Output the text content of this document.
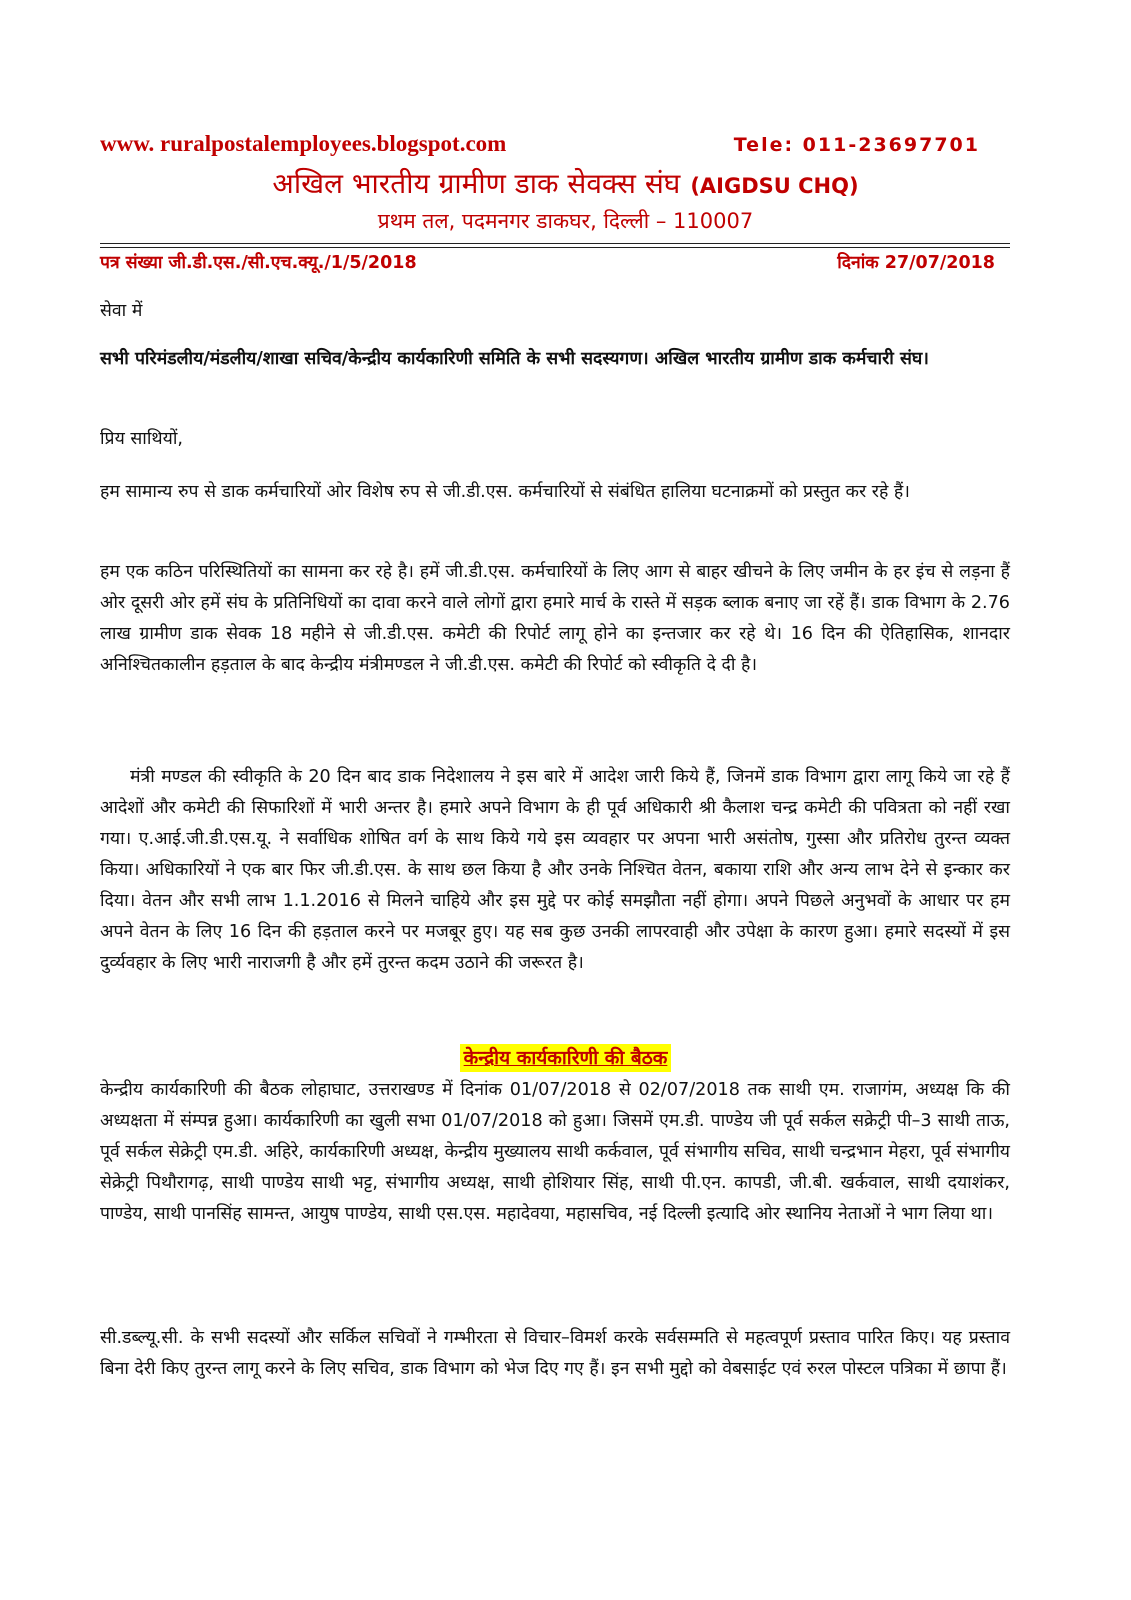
www. ruralpostalemployees.blogspot.com	Tele: 011-23697701
अखिल भारतीय ग्रामीण डाक सेवक्स संघ (AIGDSU CHQ)
प्रथम तल, पदमनगर डाकघर, दिल्ली – 110007
पत्र संख्या जी.डी.एस./सी.एच.क्यू./1/5/2018	दिनांक 27/07/2018
सेवा में
सभी परिमंडलीय/मंडलीय/शाखा सचिव/केन्द्रीय कार्यकारिणी समिति के सभी सदस्यगण। अखिल भारतीय ग्रामीण डाक कर्मचारी संघ।
प्रिय साथियों,
हम सामान्य रुप से डाक कर्मचारियों ओर विशेष रुप से जी.डी.एस. कर्मचारियों से संबंधित हालिया घटनाक्रमों को प्रस्तुत कर रहे हैं।
हम एक कठिन परिस्थितियों का सामना कर रहे है। हमें जी.डी.एस. कर्मचारियों के लिए आग से बाहर खीचने के लिए जमीन के हर इंच से लड़ना हैं ओर दूसरी ओर हमें संघ के प्रतिनिधियों का दावा करने वाले लोगों द्वारा हमारे मार्च के रास्ते में सड़क ब्लाक बनाए जा रहें हैं। डाक विभाग के 2.76 लाख ग्रामीण डाक सेवक 18 महीने से जी.डी.एस. कमेटी की रिपोर्ट लागू होने का इन्तजार कर रहे थे। 16 दिन की ऐतिहासिक, शानदार अनिश्चितकालीन हड़ताल के बाद केन्द्रीय मंत्रीमण्डल ने जी.डी.एस. कमेटी की रिपोर्ट को स्वीकृति दे दी है।
मंत्री मण्डल की स्वीकृति के 20 दिन बाद डाक निदेशालय ने इस बारे में आदेश जारी किये हैं, जिनमें डाक विभाग द्वारा लागू किये जा रहे हैं आदेशों और कमेटी की सिफारिशों में भारी अन्तर है। हमारे अपने विभाग के ही पूर्व अधिकारी श्री कैलाश चन्द्र कमेटी की पवित्रता को नहीं रखा गया। ए.आई.जी.डी.एस.यू. ने सर्वाधिक शोषित वर्ग के साथ किये गये इस व्यवहार पर अपना भारी असंतोष, गुस्सा और प्रतिरोध तुरन्त व्यक्त किया। अधिकारियों ने एक बार फिर जी.डी.एस. के साथ छल किया है और उनके निश्चित वेतन, बकाया राशि और अन्य लाभ देने से इन्कार कर दिया। वेतन और सभी लाभ 1.1.2016 से मिलने चाहिये और इस मुद्दे पर कोई समझौता नहीं होगा। अपने पिछले अनुभवों के आधार पर हम अपने वेतन के लिए 16 दिन की हड़ताल करने पर मजबूर हुए। यह सब कुछ उनकी लापरवाही और उपेक्षा के कारण हुआ। हमारे सदस्यों में इस दुर्व्यवहार के लिए भारी नाराजगी है और हमें तुरन्त कदम उठाने की जरूरत है।
केन्द्रीय कार्यकारिणी की बैठक
केन्द्रीय कार्यकारिणी की बैठक लोहाघाट, उत्तराखण्ड में दिनांक 01/07/2018 से 02/07/2018 तक साथी एम. राजागंम, अध्यक्ष कि की अध्यक्षता में संम्पन्न हुआ। कार्यकारिणी का खुली सभा 01/07/2018 को हुआ। जिसमें एम.डी. पाण्डेय जी पूर्व सर्कल सक्रेट्री पी–3 साथी ताऊ, पूर्व सर्कल सेक्रेट्री एम.डी. अहिरे, कार्यकारिणी अध्यक्ष, केन्द्रीय मुख्यालय साथी कर्कवाल, पूर्व संभागीय सचिव, साथी चन्द्रभान मेहरा, पूर्व संभागीय सेक्रेट्री पिथौरागढ़, साथी पाण्डेय साथी भट्ट, संभागीय अध्यक्ष, साथी होशियार सिंह, साथी पी.एन. कापडी, जी.बी. खर्कवाल, साथी दयाशंकर, पाण्डेय, साथी पानसिंह सामन्त, आयुष पाण्डेय, साथी एस.एस. महादेवया, महासचिव, नई दिल्ली इत्यादि ओर स्थानिय नेताओं ने भाग लिया था।
सी.डब्ल्यू.सी. के सभी सदस्यों और सर्किल सचिवों ने गम्भीरता से विचार–विमर्श करके सर्वसम्मति से महत्वपूर्ण प्रस्ताव पारित किए। यह प्रस्ताव बिना देरी किए तुरन्त लागू करने के लिए सचिव, डाक विभाग को भेज दिए गए हैं। इन सभी मुद्दो को वेबसाईट एवं रुरल पोस्टल पत्रिका में छापा हैं।
